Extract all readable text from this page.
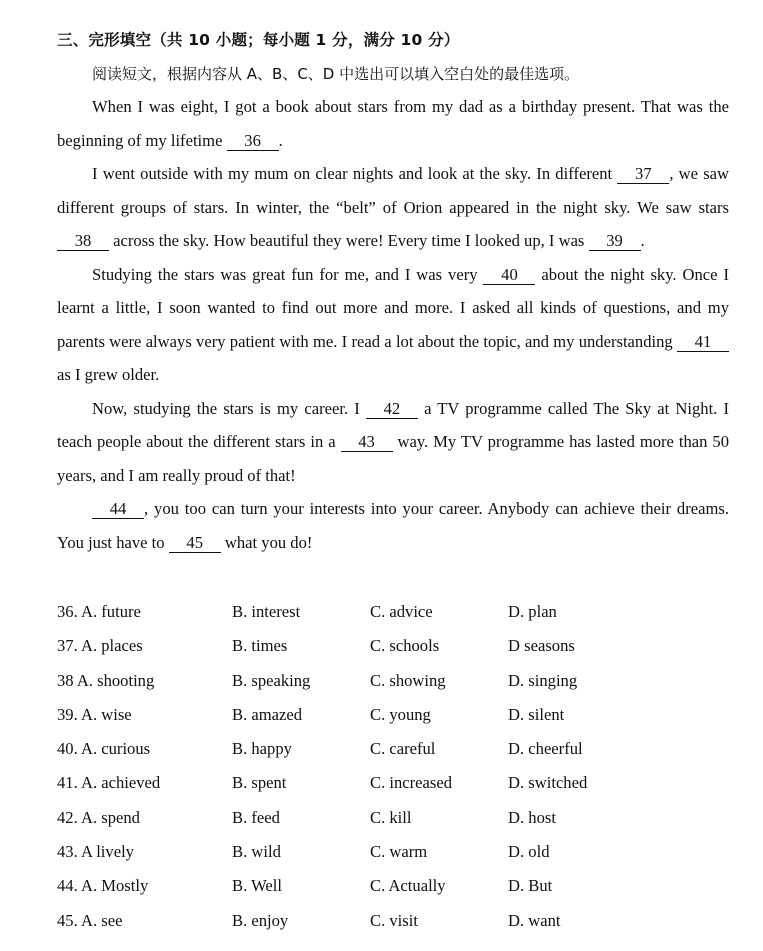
三、完形填空（共 10 小题；每小题 1 分，满分 10 分）
阅读短文，根据内容从 A、B、C、D 中选出可以填入空白处的最佳选项。

When I was eight, I got a book about stars from my dad as a birthday present. That was the beginning of my lifetime 36 .

I went outside with my mum on clear nights and look at the sky. In different 37 , we saw different groups of stars. In winter, the “belt” of Orion appeared in the night sky. We saw stars 38 across the sky. How beautiful they were! Every time I looked up, I was 39 .

Studying the stars was great fun for me, and I was very 40 about the night sky. Once I learnt a little, I soon wanted to find out more and more. I asked all kinds of questions, and my parents were always very patient with me. I read a lot about the topic, and my understanding 41 as I grew older.

Now, studying the stars is my career. I 42 a TV programme called The Sky at Night. I teach people about the different stars in a 43 way. My TV programme has lasted more than 50 years, and I am really proud of that!

44 , you too can turn your interests into your career. Anybody can achieve their dreams. You just have to 45 what you do!

36. A. future	B. interest	C. advice	D. plan
37. A. places	B. times	C. schools	D seasons
38 A. shooting	B. speaking	C. showing	D. singing
39. A. wise	B. amazed	C. young	D. silent
40. A. curious	B. happy	C. careful	D. cheerful
41. A. achieved	B. spent	C. increased	D. switched
42. A. spend	B. feed	C. kill	D. host
43. A lively	B. wild	C. warm	D. old
44. A. Mostly	B. Well	C. Actually	D. But
45. A. see	B. enjoy	C. visit	D. want
